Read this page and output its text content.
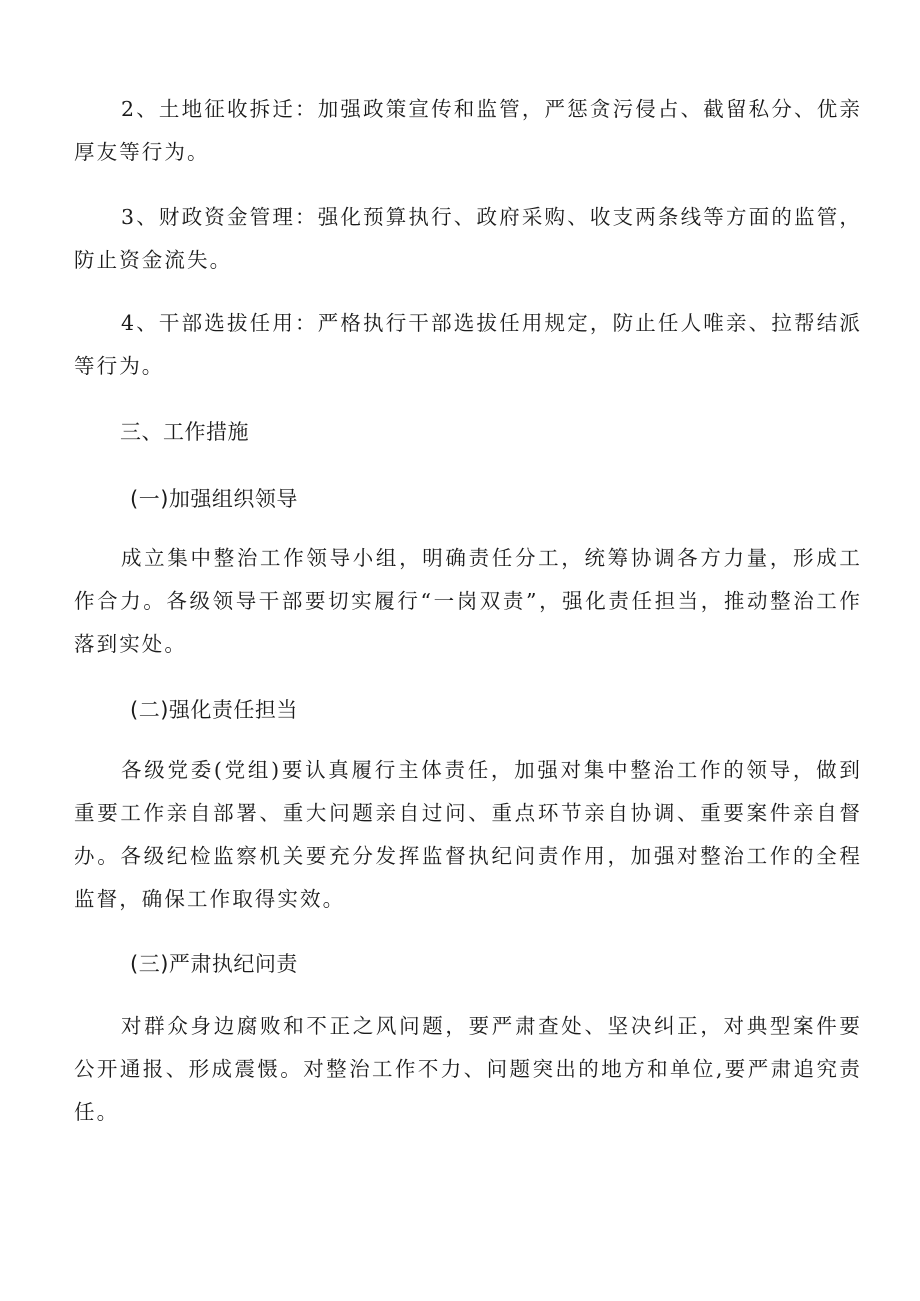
2、土地征收拆迁：加强政策宣传和监管，严惩贪污侵占、截留私分、优亲厚友等行为。

3、财政资金管理：强化预算执行、政府采购、收支两条线等方面的监管，防止资金流失。

4、干部选拔任用：严格执行干部选拔任用规定，防止任人唯亲、拉帮结派等行为。

三、工作措施
(一)加强组织领导

成立集中整治工作领导小组，明确责任分工，统筹协调各方力量，形成工作合力。各级领导干部要切实履行“一岗双责”，强化责任担当，推动整治工作落到实处。

(二)强化责任担当

各级党委(党组)要认真履行主体责任，加强对集中整治工作的领导，做到重要工作亲自部署、重大问题亲自过问、重点环节亲自协调、重要案件亲自督办。各级纪检监察机关要充分发挥监督执纪问责作用，加强对整治工作的全程监督，确保工作取得实效。

(三)严肃执纪问责

对群众身边腐败和不正之风问题，要严肃查处、坚决纠正，对典型案件要公开通报、形成震慑。对整治工作不力、问题突出的地方和单位,要严肃追究责任。
